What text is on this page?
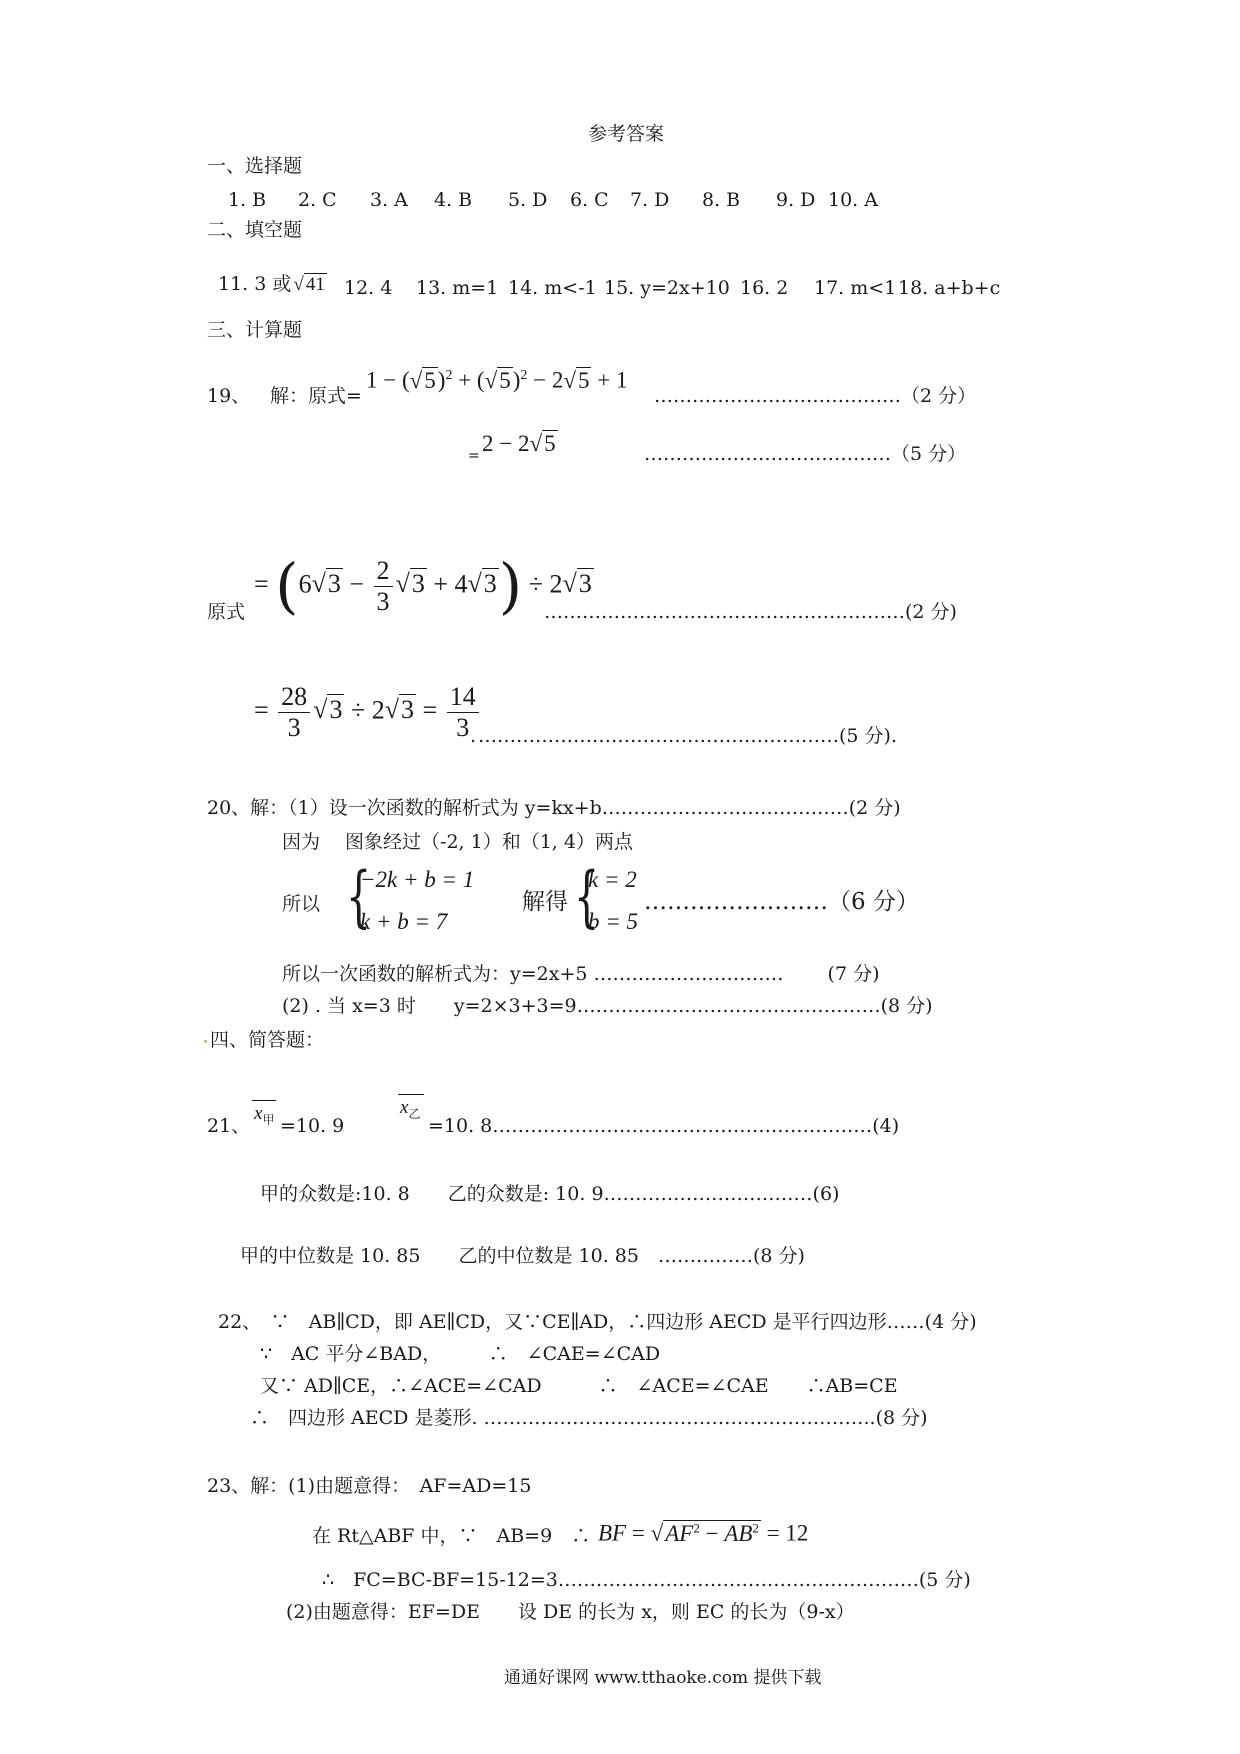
参考答案
一、选择题
1. B 2. C 3. A 4. B 5. D 6. C 7. D 8. B 9. D 10. A
二、填空题
11. 3 或 √ 41 12. 4 13. m=1 14. m<-1 15. y=2x+10 16. 2 17. m<1 18. a+b+c
三、计算题
19、 解：原式=
$1 - (√5)^2 + (√5)^2 - 2√5 + 1$
…………………………………（2 分）
= 2 − 2√5	…………………………………（5 分）
= $(6√3 - \frac{2}{3} √3 + 4√3) \div 2√3$
原式	…………………………………………………(2 分)
= $\frac{28}{3} √3 \div 2√3 = \frac{14}{3}$
. …………………………………………………(5 分).
20、解：（1）设一次函数的解析式为 y=kx+b…………………………………(2 分)
因为　 图象经过（-2, 1）和（1, 4）两点
所以 {
−2k + b = 1
k + b = 7
解得 {
k = 2
b = 5
……………………（6 分）
所以一次函数的解析式为：y=2x+5 …………………………　　 (7 分)
(2) . 当 x=3 时　　y=2×3+3=9…………………………………………(8 分)
四、简答题：
21、
$x_甲 =10$. 9
$x_乙$
=10. 8……………………………………………………(4)
甲的众数是:10. 8　　乙的众数是: 10. 9……………………………(6)
甲的中位数是 10. 85　　乙的中位数是 10. 85　……………(8 分)
22、　∵　AB∥CD，即 AE∥CD，又∵CE∥AD，∴四边形 AECD 是平行四边形……(4 分)
∵　AC 平分∠BAD，　　　∴　∠CAE=∠CAD
又∵ AD∥CE，∴∠ACE=∠CAD　　　∴　∠ACE=∠CAE　　∴AB=CE
∴　四边形 AECD 是菱形. ……………………………………………………..(8 分)
23、解：(1)由题意得：　AF=AD=15
在 Rt△ABF 中，∵　AB=9　∴ BF = $√AF^2 - AB^2 = 12$
∴　FC=BC-BF=15-12=3…………………………………………………(5 分)
(2)由题意得：EF=DE　　设 DE 的长为 x，则 EC 的长为（9-x）
通通好课网 www.tthaoke.com 提供下载
